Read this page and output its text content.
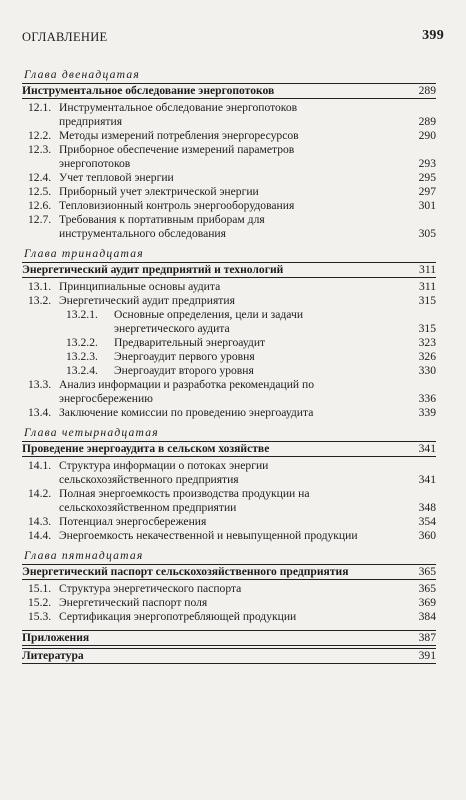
ОГЛАВЛЕНИЕ	399
Глава двенадцатая
Инструментальное обследование энергопотоков	289
12.1. Инструментальное обследование энергопотоков предприятия	289
12.2. Методы измерений потребления энергоресурсов	290
12.3. Приборное обеспечение измерений параметров энергопотоков	293
12.4. Учет тепловой энергии	295
12.5. Приборный учет электрической энергии	297
12.6. Тепловизионный контроль энергооборудования	301
12.7. Требования к портативным приборам для инструментального обследования	305
Глава тринадцатая
Энергетический аудит предприятий и технологий	311
13.1. Принципиальные основы аудита	311
13.2. Энергетический аудит предприятия	315
13.2.1. Основные определения, цели и задачи энергетического аудита	315
13.2.2. Предварительный энергоаудит	323
13.2.3. Энергоаудит первого уровня	326
13.2.4. Энергоаудит второго уровня	330
13.3. Анализ информации и разработка рекомендаций по энергосбережению	336
13.4. Заключение комиссии по проведению энергоаудита	339
Глава четырнадцатая
Проведение энергоаудита в сельском хозяйстве	341
14.1. Структура информации о потоках энергии сельскохозяйственного предприятия	341
14.2. Полная энергоемкость производства продукции на сельскохозяйственном предприятии	348
14.3. Потенциал энергосбережения	354
14.4. Энергоемкость некачественной и невыпущенной продукции	360
Глава пятнадцатая
Энергетический паспорт сельскохозяйственного предприятия	365
15.1. Структура энергетического паспорта	365
15.2. Энергетический паспорт поля	369
15.3. Сертификация энергопотребляющей продукции	384
Приложения	387
Литература	391
